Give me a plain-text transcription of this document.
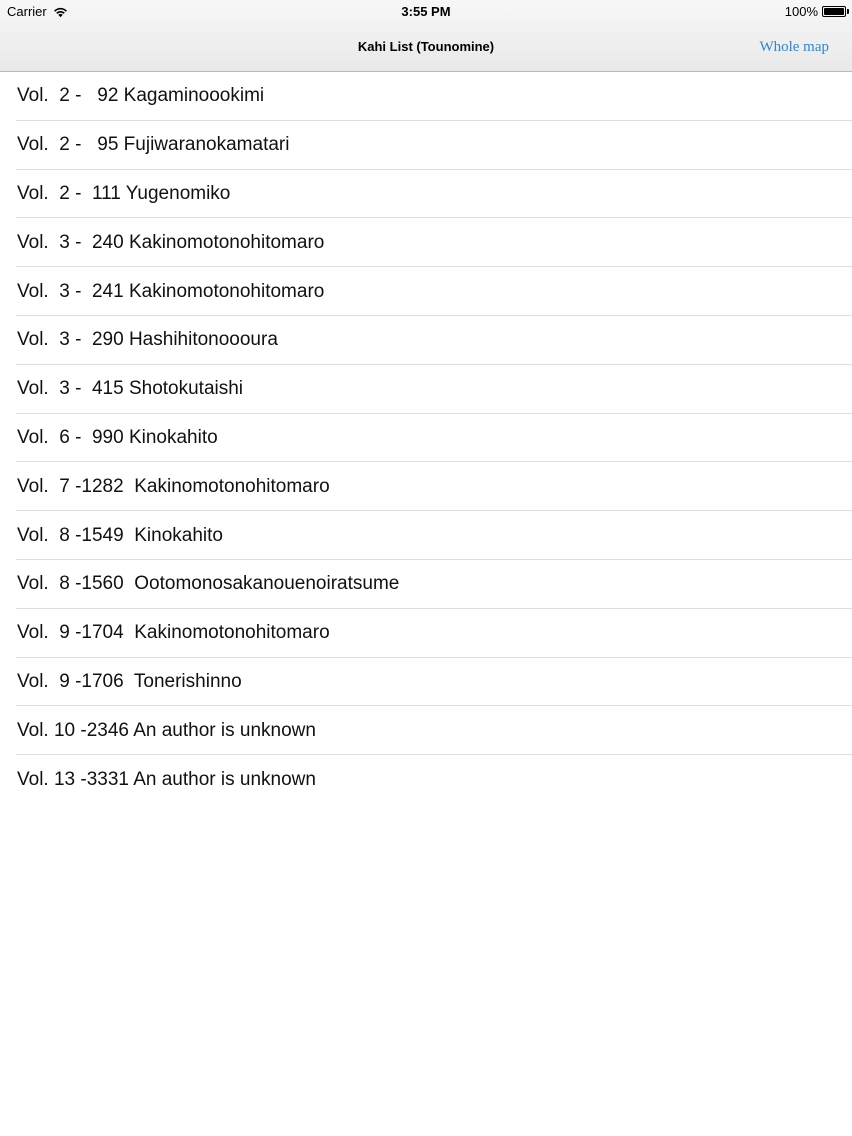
Carrier	3:55 PM	100%
Kahi List (Tounomine)	Whole map
Vol.  2 -   92 Kagaminoookimi
Vol.  2 -   95 Fujiwaranokamatari
Vol.  2 -  111 Yugenomiko
Vol.  3 -  240 Kakinomotonohitomaro
Vol.  3 -  241 Kakinomotonohitomaro
Vol.  3 -  290 Hashihitonoooura
Vol.  3 -  415 Shotokutaishi
Vol.  6 -  990 Kinokahito
Vol.  7 -1282  Kakinomotonohitomaro
Vol.  8 -1549  Kinokahito
Vol.  8 -1560  Ootomonosakanouenoiratsume
Vol.  9 -1704  Kakinomotonohitomaro
Vol.  9 -1706  Tonerishinno
Vol. 10 -2346 An author is unknown
Vol. 13 -3331 An author is unknown
